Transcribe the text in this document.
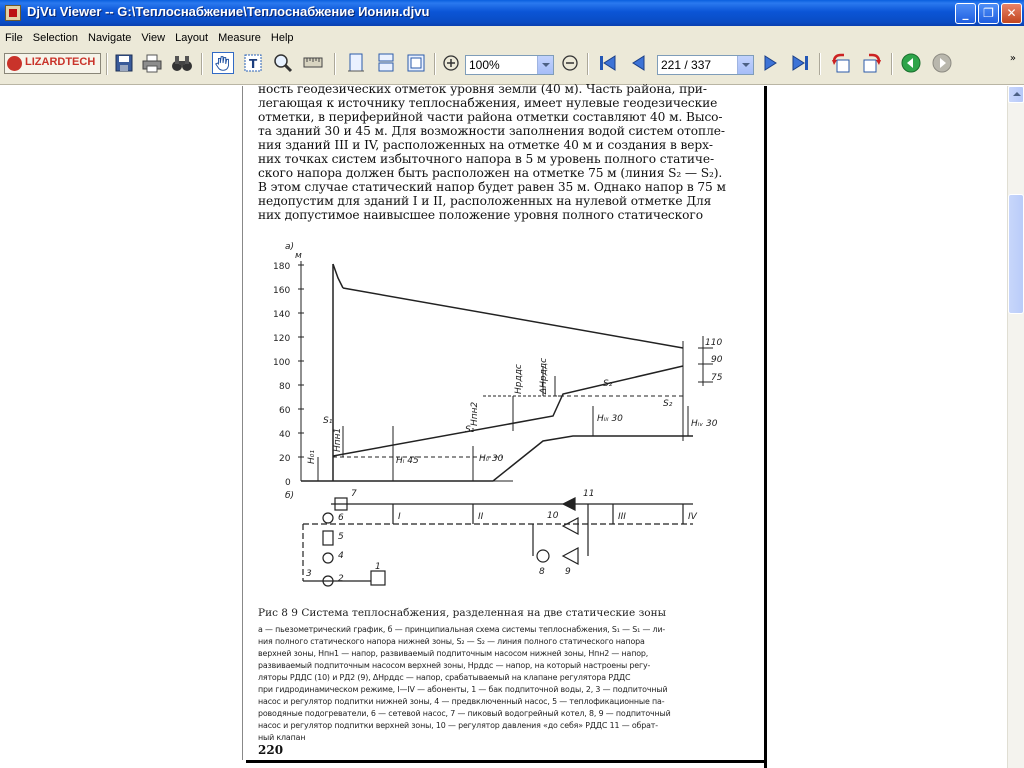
DjVu Viewer -- G:\Теплоснабжение\Теплоснабжение Ионин.djvu	_	❐	✕
File Selection Navigate View Layout Measure Help
LIZARDTECH	T	100%	221 / 337	»
ность геодезических отметок уровня земли (40 м). Часть района, при-
легающая к источнику теплоснабжения, имеет нулевые геодезические
отметки, в периферийной части района отметки составляют 40 м. Высо-
та зданий 30 и 45 м. Для возможности заполнения водой систем отопле-
ния зданий III и IV, расположенных на отметке 40 м и создания в верх-
них точках систем избыточного напора в 5 м уровень полного статиче-
ского напора должен быть расположен на отметке 75 м (линия S₂ — S₂).
В этом случае статический напор будет равен 35 м. Однако напор в 75 м
недопустим для зданий I и II, расположенных на нулевой отметке Для
них допустимое наивысшее положение уровня полного статического
а)
м
180
160
140
120
100
80
60
40
20
0
110
90
75
S₁
S₁
S₂
S₂
Hᵢ 45	Hᵢᵢ 30
Hᵢᵢᵢ 30	Hᵢᵥ 30
H₀₁
Hпн1
Hпн2
Hрддс ΔHрддс
б)
1
2
3
4
5
6
7
8 9
10
11
I	II	III	IV
Рис 8 9 Система теплоснабжения, разделенная на две статические зоны
а — пьезометрический график, б — принципиальная схема системы теплоснабжения, S₁ — S₁ — ли-
ния полного статического напора нижней зоны, S₂ — S₂ — линия полного статического напора
верхней зоны, Hпн1 — напор, развиваемый подпиточным насосом нижней зоны, Hпн2 — напор,
развиваемый подпиточным насосом верхней зоны, Hрддс — напор, на который настроены регу-
ляторы РДДС (10) и РД2 (9), ΔHрддс — напор, срабатываемый на клапане регулятора РДДС
при гидродинамическом режиме, I—IV — абоненты, 1 — бак подпиточной воды, 2, 3 — подпиточный
насос и регулятор подпитки нижней зоны, 4 — предвключенный насос, 5 — теплофикационные па-
роводяные подогреватели, 6 — сетевой насос, 7 — пиковый водогрейный котел, 8, 9 — подпиточный
насос и регулятор подпитки верхней зоны, 10 — регулятор давления «до себя» РДДС 11 — обрат-
ный клапан
220
